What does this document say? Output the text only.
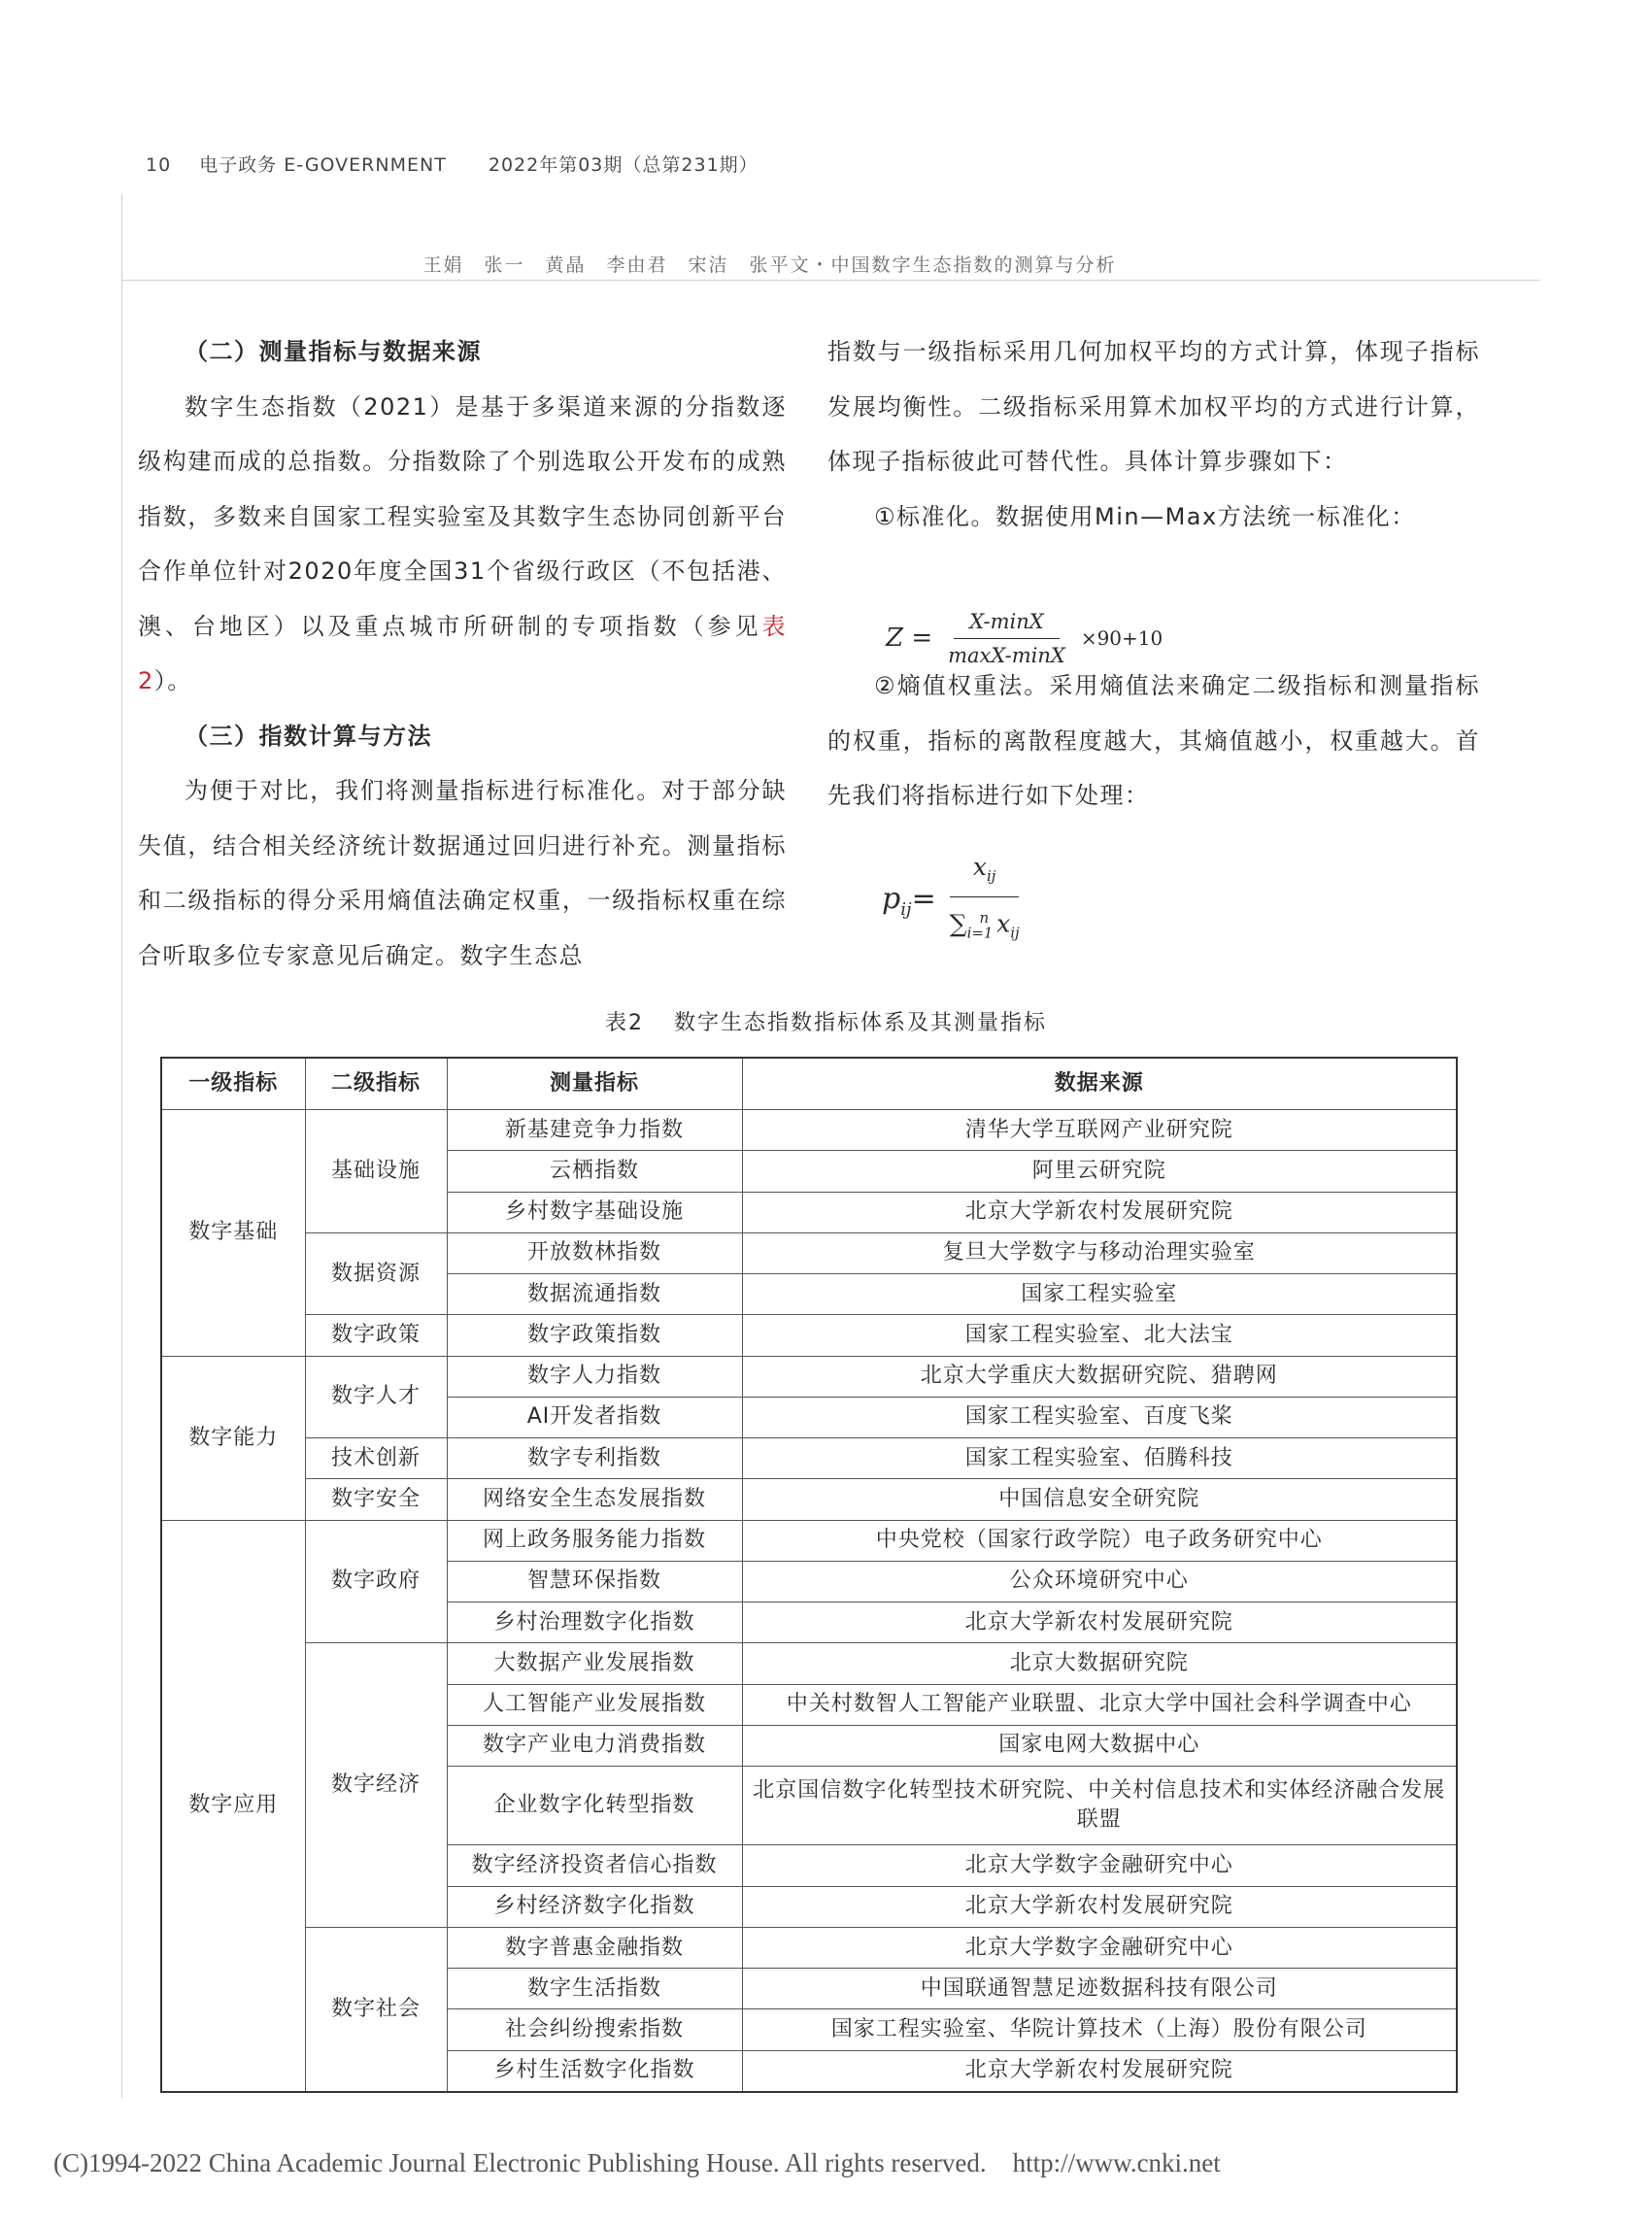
10 电子政务 E-GOVERNMENT 2022年第03期（总第231期）
王娟　张一　黄晶　李由君　宋洁　张平文・中国数字生态指数的测算与分析

（二）测量指标与数据来源

数字生态指数（2021）是基于多渠道来源的分指数逐级构建而成的总指数。分指数除了个别选取公开发布的成熟指数，多数来自国家工程实验室及其数字生态协同创新平台合作单位针对2020年度全国31个省级行政区（不包括港、澳、台地区）以及重点城市所研制的专项指数（参见表 2）。

（三）指数计算与方法

为便于对比，我们将测量指标进行标准化。对于部分缺失值，结合相关经济统计数据通过回归进行补充。测量指标和二级指标的得分采用熵值法确定权重，一级指标权重在综合听取多位专家意见后确定。数字生态总

指数与一级指标采用几何加权平均的方式计算，体现子指标发展均衡性。二级指标采用算术加权平均的方式进行计算，体现子指标彼此可替代性。具体计算步骤如下：

①标准化。数据使用Min—Max方法统一标准化：

②熵值权重法。采用熵值法来确定二级指标和测量指标的权重，指标的离散程度越大，其熵值越小，权重越大。首先我们将指标进行如下处理：

$Z = \frac{X-\min X}{\max X-\min X} \times 90+10$
$p_{ij}= \frac{x_{ij}}{\sum_{i=1}^n x_{ij}}$
表2 数字生态指数指标体系及其测量指标
一级指标	二级指标	测量指标	数据来源
数字基础	基础设施	新基建竞争力指数	清华大学互联网产业研究院
		云栖指数	阿里云研究院
		乡村数字基础设施	北京大学新农村发展研究院
	数据资源	开放数林指数	复旦大学数字与移动治理实验室
		数据流通指数	国家工程实验室
	数字政策	数字政策指数	国家工程实验室、北大法宝
数字能力	数字人才	数字人力指数	北京大学重庆大数据研究院、猎聘网
		AI开发者指数	国家工程实验室、百度飞桨
	技术创新	数字专利指数	国家工程实验室、佰腾科技
	数字安全	网络安全生态发展指数	中国信息安全研究院
数字应用	数字政府	网上政务服务能力指数	中央党校（国家行政学院）电子政务研究中心
		智慧环保指数	公众环境研究中心
		乡村治理数字化指数	北京大学新农村发展研究院
	数字经济	大数据产业发展指数	北京大数据研究院
		人工智能产业发展指数	中关村数智人工智能产业联盟、北京大学中国社会科学调查中心
		数字产业电力消费指数	国家电网大数据中心
		企业数字化转型指数	北京国信数字化转型技术研究院、中关村信息技术和实体经济融合发展联盟
		数字经济投资者信心指数	北京大学数字金融研究中心
		乡村经济数字化指数	北京大学新农村发展研究院
	数字社会	数字普惠金融指数	北京大学数字金融研究中心
		数字生活指数	中国联通智慧足迹数据科技有限公司
		社会纠纷搜索指数	国家工程实验室、华院计算技术（上海）股份有限公司
		乡村生活数字化指数	北京大学新农村发展研究院
(C)1994-2022 China Academic Journal Electronic Publishing House. All rights reserved.    http://www.cnki.net
